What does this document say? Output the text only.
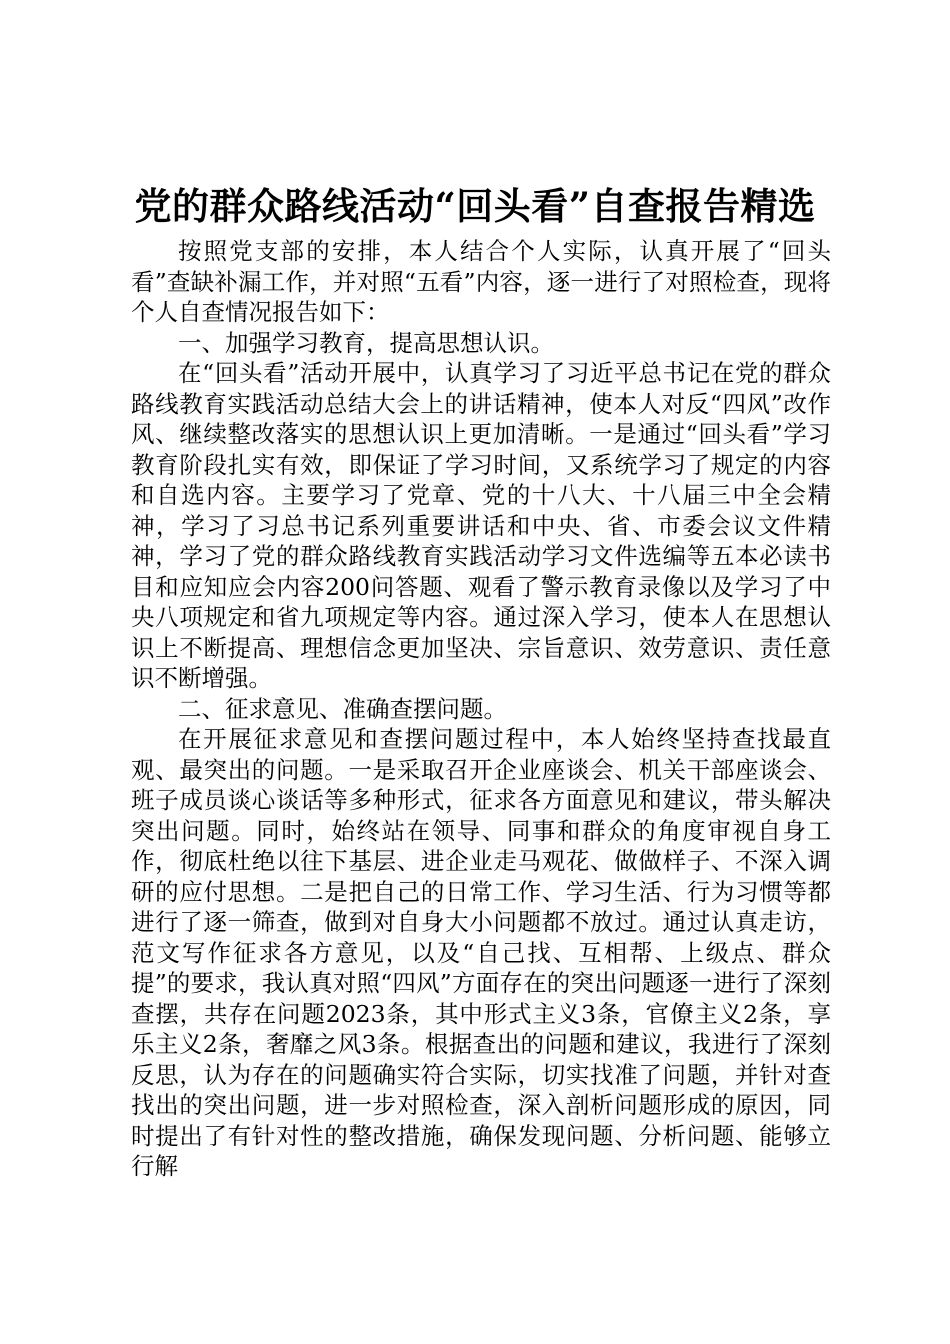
党的群众路线活动“回头看”自查报告精选

按照党支部的安排，本人结合个人实际，认真开展了“回头看”查缺补漏工作，并对照“五看”内容，逐一进行了对照检查，现将个人自查情况报告如下：

一、加强学习教育，提高思想认识。

在“回头看”活动开展中，认真学习了习近平总书记在党的群众路线教育实践活动总结大会上的讲话精神，使本人对反“四风”改作风、继续整改落实的思想认识上更加清晰。一是通过“回头看”学习教育阶段扎实有效，即保证了学习时间，又系统学习了规定的内容和自选内容。主要学习了党章、党的十八大、十八届三中全会精神，学习了习总书记系列重要讲话和中央、省、市委会议文件精神，学习了党的群众路线教育实践活动学习文件选编等五本必读书目和应知应会内容200问答题、观看了警示教育录像以及学习了中央八项规定和省九项规定等内容。通过深入学习，使本人在思想认识上不断提高、理想信念更加坚决、宗旨意识、效劳意识、责任意识不断增强。

二、征求意见、准确查摆问题。

在开展征求意见和查摆问题过程中，本人始终坚持查找最直观、最突出的问题。一是采取召开企业座谈会、机关干部座谈会、班子成员谈心谈话等多种形式，征求各方面意见和建议，带头解决突出问题。同时，始终站在领导、同事和群众的角度审视自身工作，彻底杜绝以往下基层、进企业走马观花、做做样子、不深入调研的应付思想。二是把自己的日常工作、学习生活、行为习惯等都进行了逐一筛查，做到对自身大小问题都不放过。通过认真走访，范文写作征求各方意见，以及“自己找、互相帮、上级点、群众提”的要求，我认真对照“四风”方面存在的突出问题逐一进行了深刻查摆，共存在问题2023条，其中形式主义3条，官僚主义2条，享乐主义2条，奢靡之风3条。根据查出的问题和建议，我进行了深刻反思，认为存在的问题确实符合实际，切实找准了问题，并针对查找出的突出问题，进一步对照检查，深入剖析问题形成的原因，同时提出了有针对性的整改措施，确保发现问题、分析问题、能够立行解
